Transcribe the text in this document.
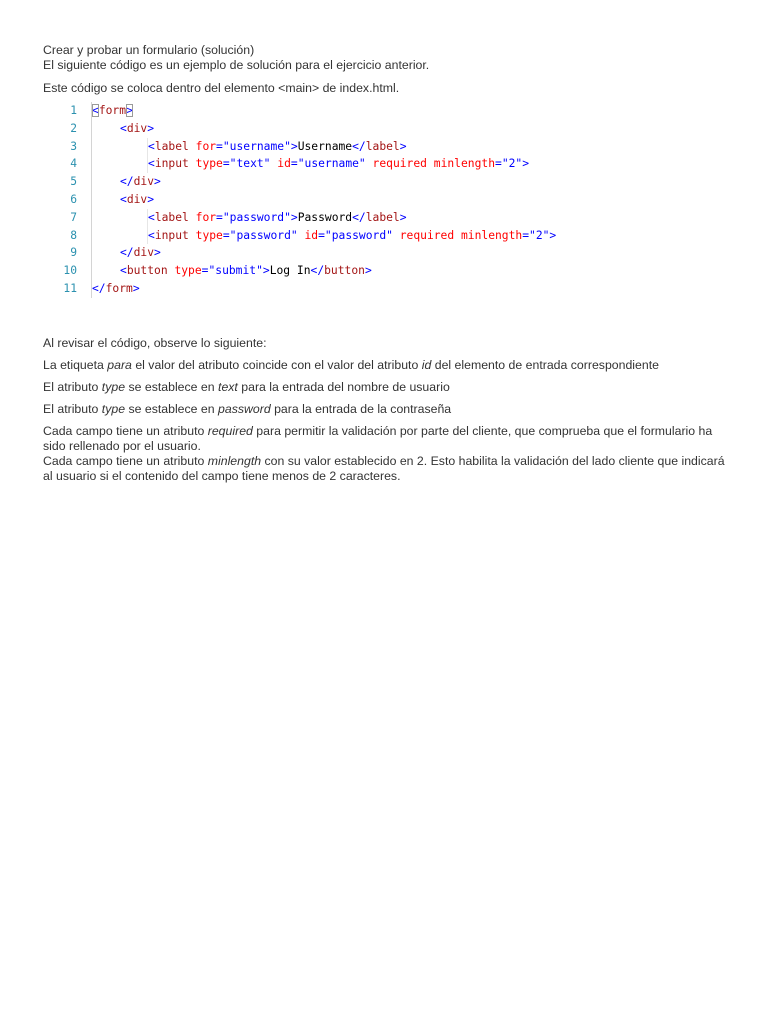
Crear y probar un formulario (solución)

El siguiente código es un ejemplo de solución para el ejercicio anterior.

Este código se coloca dentro del elemento <main> de index.html.

1	<form>
2	<div>
3	<label for="username">Username</label>
4	<input type="text" id="username" required minlength="2">
5	</div>
6	<div>
7	<label for="password">Password</label>
8	<input type="password" id="password" required minlength="2">
9	</div>
10	<button type="submit">Log In</button>
11	</form>

Al revisar el código, observe lo siguiente:

La etiqueta para el valor del atributo coincide con el valor del atributo id del elemento de entrada correspondiente

El atributo type se establece en text para la entrada del nombre de usuario

El atributo type se establece en password para la entrada de la contraseña

Cada campo tiene un atributo required para permitir la validación por parte del cliente, que comprueba que el formulario ha sido rellenado por el usuario.

Cada campo tiene un atributo minlength con su valor establecido en 2. Esto habilita la validación del lado cliente que indicará al usuario si el contenido del campo tiene menos de 2 caracteres.
